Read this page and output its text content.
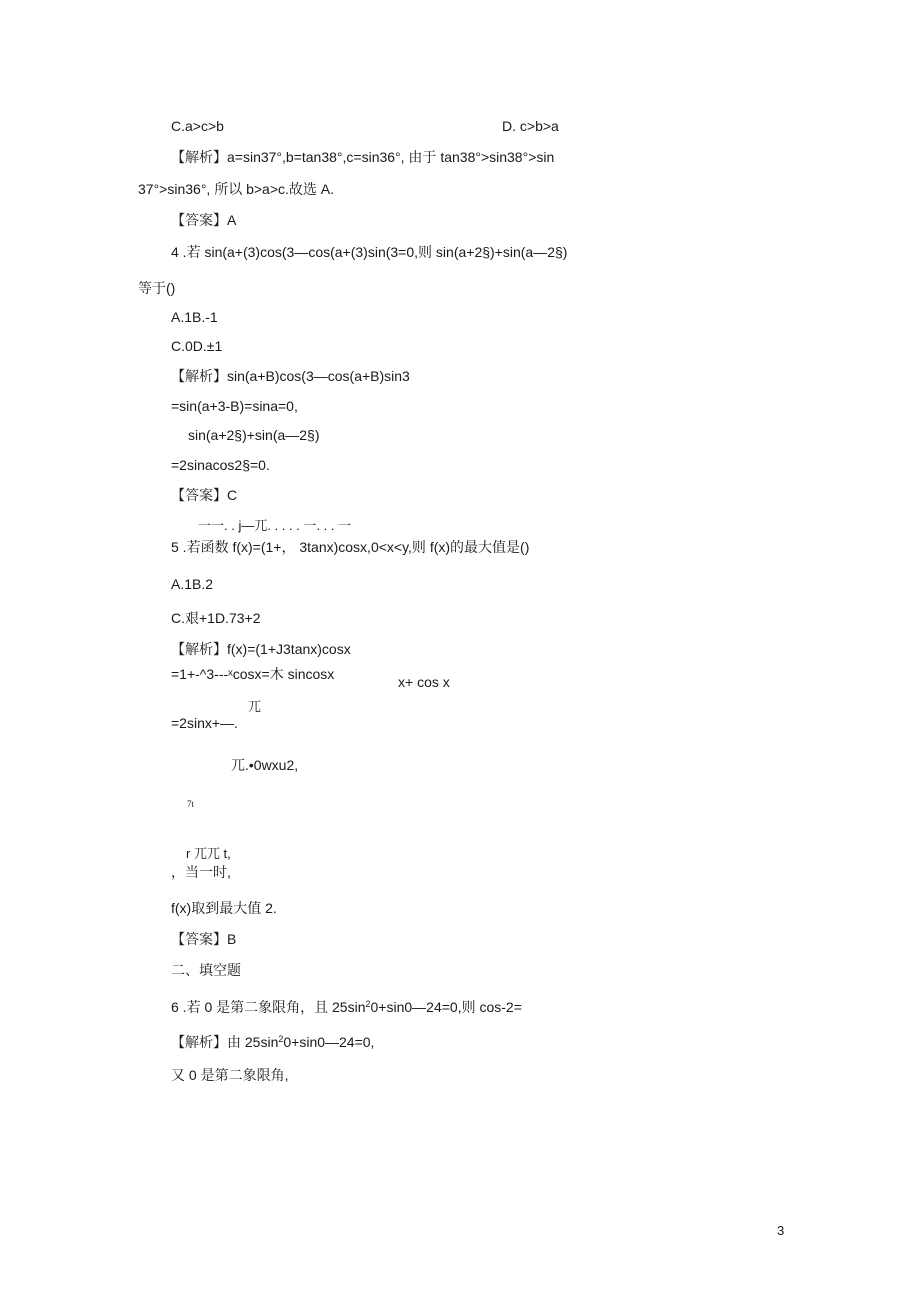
C.a>c>b	D. c>b>a
【解析】a=sin37°,b=tan38°,c=sin36°, 由于 tan38°>sin38°>sin
37°>sin36°, 所以 b>a>c.故选 A.
【答案】A
4 .若 sin(a+(3)cos(3—cos(a+(3)sin(3=0,则 sin(a+2§)+sin(a—2§)
等于()
A.1B.-1
C.0D.±1
【解析】sin(a+B)cos(3—cos(a+B)sin3
=sin(a+3-B)=sina=0,
sin(a+2§)+sin(a—2§)
=2sinacos2§=0.
【答案】C
一一. . j—兀. . . . . 一. . . 一
5 .若函数 f(x)=(1+， 3tanx)cosx,0<x<y,则 f(x)的最大值是()
A.1B.2
C.艰+1D.73+2
【解析】f(x)=(1+J3tanx)cosx
=1+-^3---ˣcosx=木 sincosx	x+ cos x
兀
=2sinx+—.
兀.•0wxu2,
7t
r 兀兀 t,
，当一时,
f(x)取到最大值 2.
【答案】B
二、填空题
6 .若 0 是第二象限角，且 $25\sin^20+\sin 0—24=0$,则 cos-2=
【解析】由 $25\sin^20+\sin 0—24=0$,
又 0 是第二象限角,
3
